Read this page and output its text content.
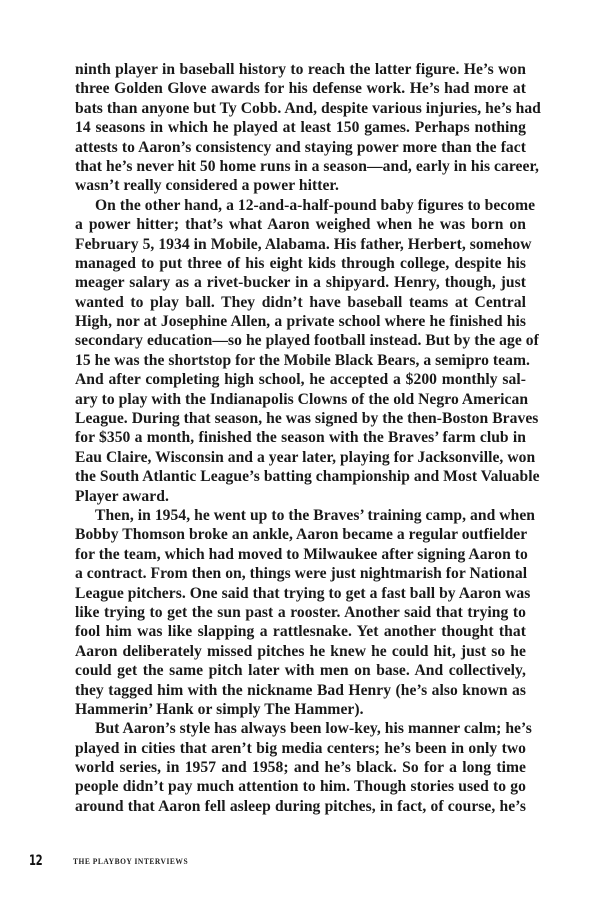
ninth player in baseball history to reach the latter figure. He’s won
three Golden Glove awards for his defense work. He’s had more at
bats than anyone but Ty Cobb. And, despite various injuries, he’s had
14 seasons in which he played at least 150 games. Perhaps nothing
attests to Aaron’s consistency and staying power more than the fact
that he’s never hit 50 home runs in a season—and, early in his career,
wasn’t really considered a power hitter.
On the other hand, a 12-and-a-half-pound baby figures to become
a power hitter; that’s what Aaron weighed when he was born on
February 5, 1934 in Mobile, Alabama. His father, Herbert, somehow
managed to put three of his eight kids through college, despite his
meager salary as a rivet-bucker in a shipyard. Henry, though, just
wanted to play ball. They didn’t have baseball teams at Central
High, nor at Josephine Allen, a private school where he finished his
secondary education—so he played football instead. But by the age of
15 he was the shortstop for the Mobile Black Bears, a semipro team.
And after completing high school, he accepted a $200 monthly sal-
ary to play with the Indianapolis Clowns of the old Negro American
League. During that season, he was signed by the then-Boston Braves
for $350 a month, finished the season with the Braves’ farm club in
Eau Claire, Wisconsin and a year later, playing for Jacksonville, won
the South Atlantic League’s batting championship and Most Valuable
Player award.
Then, in 1954, he went up to the Braves’ training camp, and when
Bobby Thomson broke an ankle, Aaron became a regular outfielder
for the team, which had moved to Milwaukee after signing Aaron to
a contract. From then on, things were just nightmarish for National
League pitchers. One said that trying to get a fast ball by Aaron was
like trying to get the sun past a rooster. Another said that trying to
fool him was like slapping a rattlesnake. Yet another thought that
Aaron deliberately missed pitches he knew he could hit, just so he
could get the same pitch later with men on base. And collectively,
they tagged him with the nickname Bad Henry (he’s also known as
Hammerin’ Hank or simply The Hammer).
But Aaron’s style has always been low-key, his manner calm; he’s
played in cities that aren’t big media centers; he’s been in only two
world series, in 1957 and 1958; and he’s black. So for a long time
people didn’t pay much attention to him. Though stories used to go
around that Aaron fell asleep during pitches, in fact, of course, he’s
12	THE PLAYBOY INTERVIEWS
